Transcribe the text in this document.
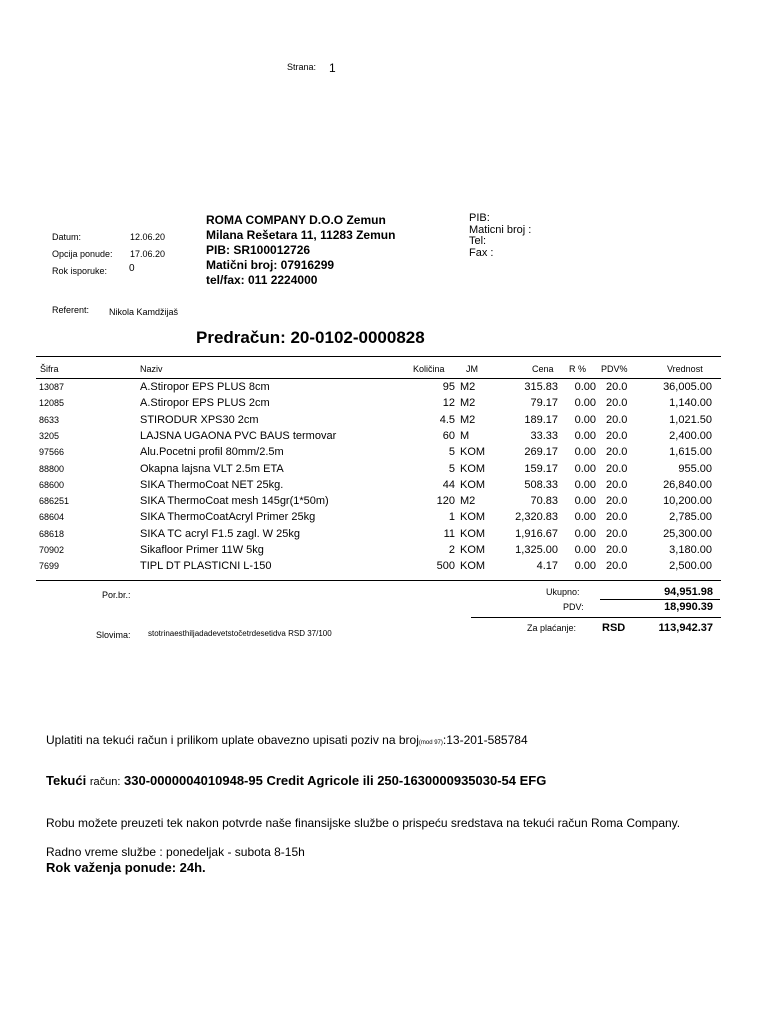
Strana: 1
Datum:	12.06.20
Opcija ponude: 17.06.20
Rok isporuke: 0
Referent: Nikola Kamdžijaš
ROMA COMPANY D.O.O Zemun
Milana Rešetara 11, 11283 Zemun
PIB: SR100012726
Matični broj: 07916299
tel/fax: 011 2224000
PIB:
Maticni broj :
Tel:
Fax :
Predračun: 20-0102-0000828
Šifra	Naziv	Količina JM	Cena R % PDV%	Vrednost
13087	A.Stiropor EPS PLUS 8cm	95 M2	315.83 0.00 20.0	36,005.00
12085	A.Stiropor EPS PLUS 2cm	12 M2	79.17 0.00 20.0	1,140.00
8633	STIRODUR XPS30 2cm	4.5 M2	189.17 0.00 20.0	1,021.50
3205	LAJSNA UGAONA PVC BAUS termovar	60 M	33.33 0.00 20.0	2,400.00
97566	Alu.Pocetni profil 80mm/2.5m	5 KOM	269.17 0.00 20.0	1,615.00
88800	Okapna lajsna VLT 2.5m ETA	5 KOM	159.17 0.00 20.0	955.00
68600	SIKA ThermoCoat NET 25kg.	44 KOM	508.33 0.00 20.0	26,840.00
686251	SIKA ThermoCoat mesh 145gr(1*50m)	120 M2	70.83 0.00 20.0	10,200.00
68604	SIKA ThermoCoatAcryl Primer 25kg	1 KOM	2,320.83 0.00 20.0	2,785.00
68618	SIKA TC acryl F1.5 zagl. W 25kg	11 KOM	1,916.67 0.00 20.0	25,300.00
70902	Sikafloor Primer 11W 5kg	2 KOM	1,325.00 0.00 20.0	3,180.00
7699	TIPL DT PLASTICNI L-150	500 KOM	4.17 0.00 20.0	2,500.00
Por.br.:	Ukupno:	94,951.98
PDV:	18,990.39
Slovima: stotrinaesthiljadadevetstočetrdesetidva RSD 37/100
Za plaćanje: RSD	113,942.37
Uplatiti na tekući račun i prilikom uplate obavezno upisati poziv na broj(mod 97):13-201-585784
Tekući račun: 330-0000004010948-95 Credit Agricole ili 250-1630000935030-54 EFG
Robu možete preuzeti tek nakon potvrde naše finansijske službe o prispeću sredstava na tekući račun Roma Company.
Radno vreme službe : ponedeljak - subota 8-15h
Rok važenja ponude: 24h.
